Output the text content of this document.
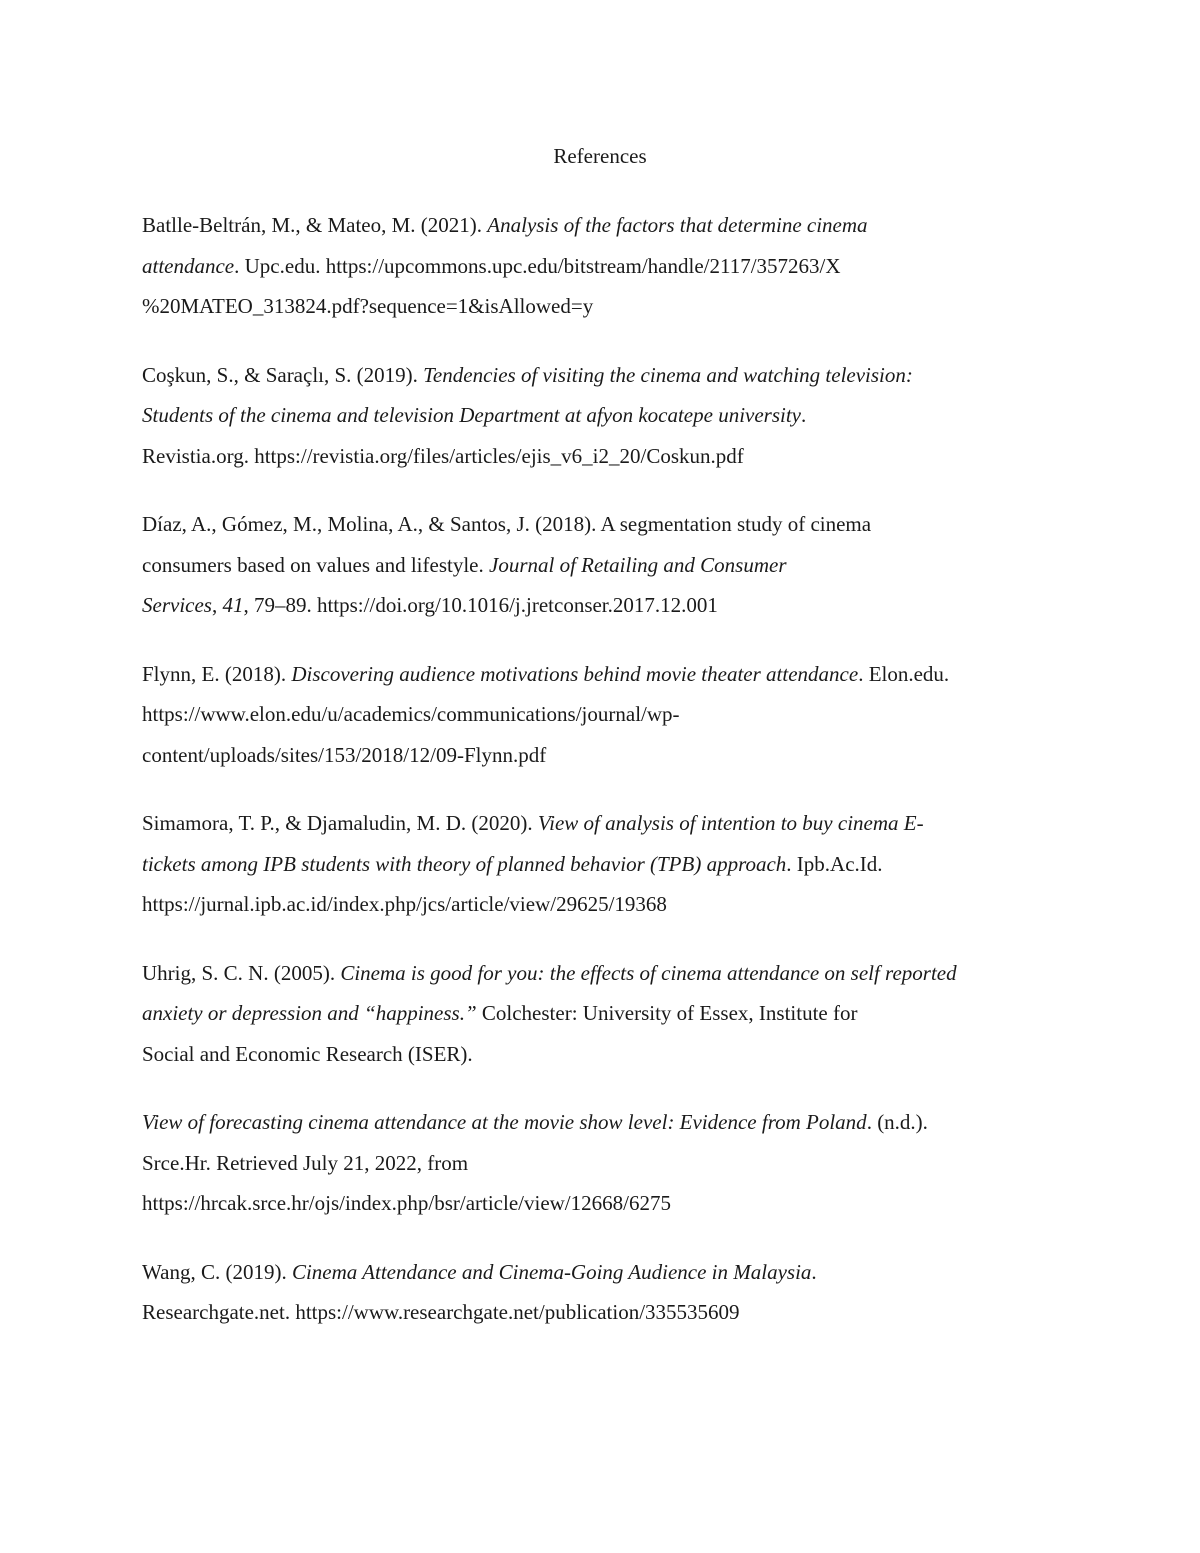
References
Batlle-Beltrán, M., & Mateo, M. (2021). Analysis of the factors that determine cinema
attendance. Upc.edu. https://upcommons.upc.edu/bitstream/handle/2117/357263/X
%20MATEO_313824.pdf?sequence=1&isAllowed=y
Coşkun, S., & Saraçlı, S. (2019). Tendencies of visiting the cinema and watching television:
Students of the cinema and television Department at afyon kocatepe university.
Revistia.org. https://revistia.org/files/articles/ejis_v6_i2_20/Coskun.pdf
Díaz, A., Gómez, M., Molina, A., & Santos, J. (2018). A segmentation study of cinema
consumers based on values and lifestyle. Journal of Retailing and Consumer
Services, 41, 79–89. https://doi.org/10.1016/j.jretconser.2017.12.001
Flynn, E. (2018). Discovering audience motivations behind movie theater attendance. Elon.edu.
https://www.elon.edu/u/academics/communications/journal/wp-
content/uploads/sites/153/2018/12/09-Flynn.pdf
Simamora, T. P., & Djamaludin, M. D. (2020). View of analysis of intention to buy cinema E-
tickets among IPB students with theory of planned behavior (TPB) approach. Ipb.Ac.Id.
https://jurnal.ipb.ac.id/index.php/jcs/article/view/29625/19368
Uhrig, S. C. N. (2005). Cinema is good for you: the effects of cinema attendance on self reported
anxiety or depression and “happiness.” Colchester: University of Essex, Institute for
Social and Economic Research (ISER).
View of forecasting cinema attendance at the movie show level: Evidence from Poland. (n.d.).
Srce.Hr. Retrieved July 21, 2022, from
https://hrcak.srce.hr/ojs/index.php/bsr/article/view/12668/6275
Wang, C. (2019). Cinema Attendance and Cinema-Going Audience in Malaysia.
Researchgate.net. https://www.researchgate.net/publication/335535609
